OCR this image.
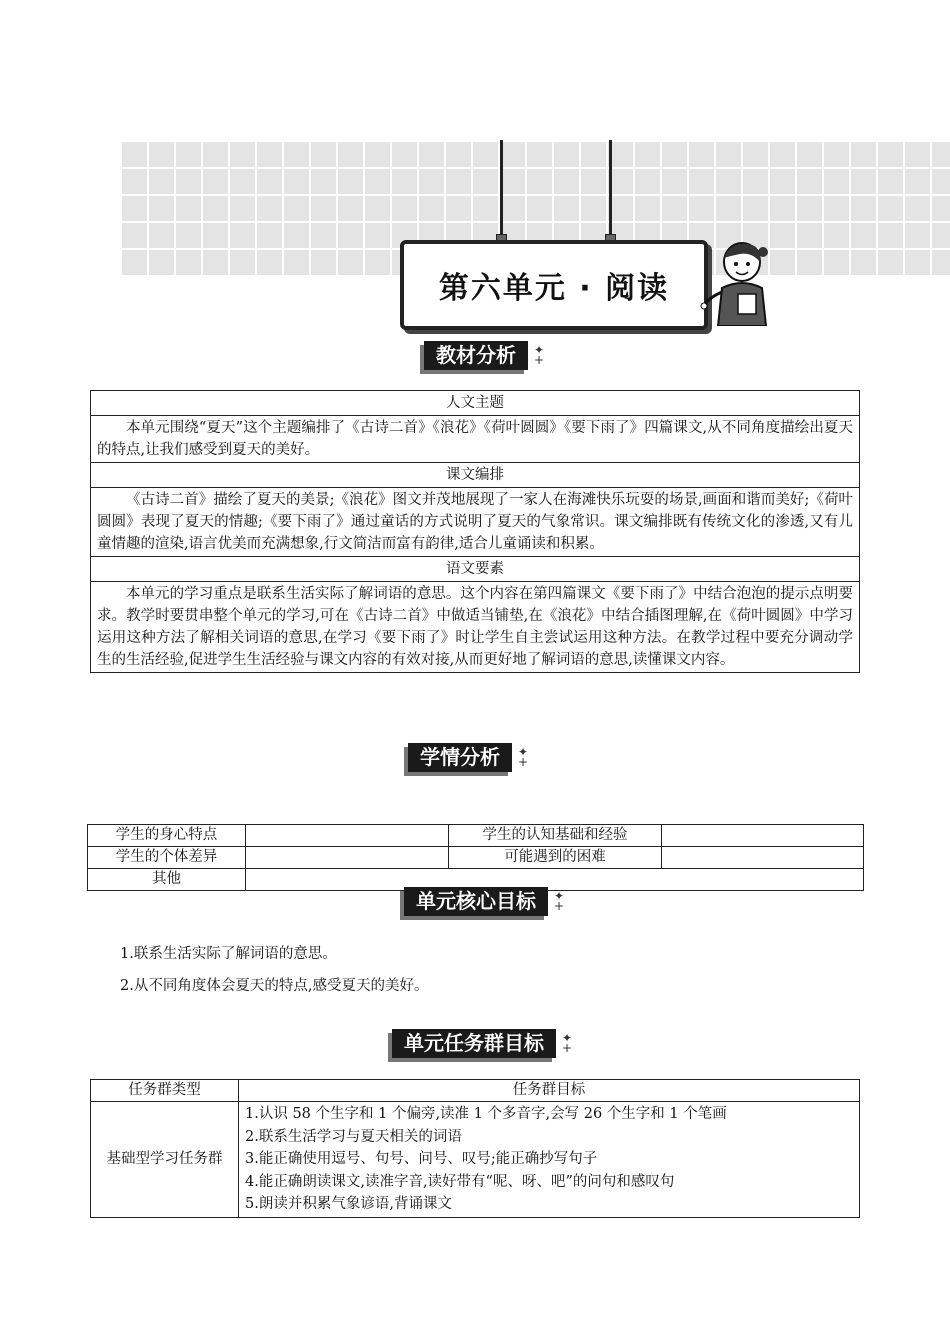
第六单元 · 阅读
教材分析	✦
+
人文主题
本单元围绕“夏天”这个主题编排了《古诗二首》《浪花》《荷叶圆圆》《要下雨了》四篇课文,从不同角度描绘出夏天的特点,让我们感受到夏天的美好。
课文编排
《古诗二首》描绘了夏天的美景;《浪花》图文并茂地展现了一家人在海滩快乐玩耍的场景,画面和谐而美好;《荷叶圆圆》表现了夏天的情趣;《要下雨了》通过童话的方式说明了夏天的气象常识。课文编排既有传统文化的渗透,又有儿童情趣的渲染,语言优美而充满想象,行文简洁而富有韵律,适合儿童诵读和积累。
语文要素
本单元的学习重点是联系生活实际了解词语的意思。这个内容在第四篇课文《要下雨了》中结合泡泡的提示点明要求。教学时要贯串整个单元的学习,可在《古诗二首》中做适当铺垫,在《浪花》中结合插图理解,在《荷叶圆圆》中学习运用这种方法了解相关词语的意思,在学习《要下雨了》时让学生自主尝试运用这种方法。在教学过程中要充分调动学生的生活经验,促进学生生活经验与课文内容的有效对接,从而更好地了解词语的意思,读懂课文内容。
学情分析	✦
+
学生的身心特点		学生的认知基础和经验	
学生的个体差异		可能遇到的困难	
其他			
单元核心目标	✦
+
1.联系生活实际了解词语的意思。
2.从不同角度体会夏天的特点,感受夏天的美好。
单元任务群目标	✦
+
任务群类型	任务群目标
基础型学习任务群	1.认识 58 个生字和 1 个偏旁,读准 1 个多音字,会写 26 个生字和 1 个笔画
2.联系生活学习与夏天相关的词语
3.能正确使用逗号、句号、问号、叹号;能正确抄写句子
4.能正确朗读课文,读准字音,读好带有“呢、呀、吧”的问句和感叹句
5.朗读并积累气象谚语,背诵课文
